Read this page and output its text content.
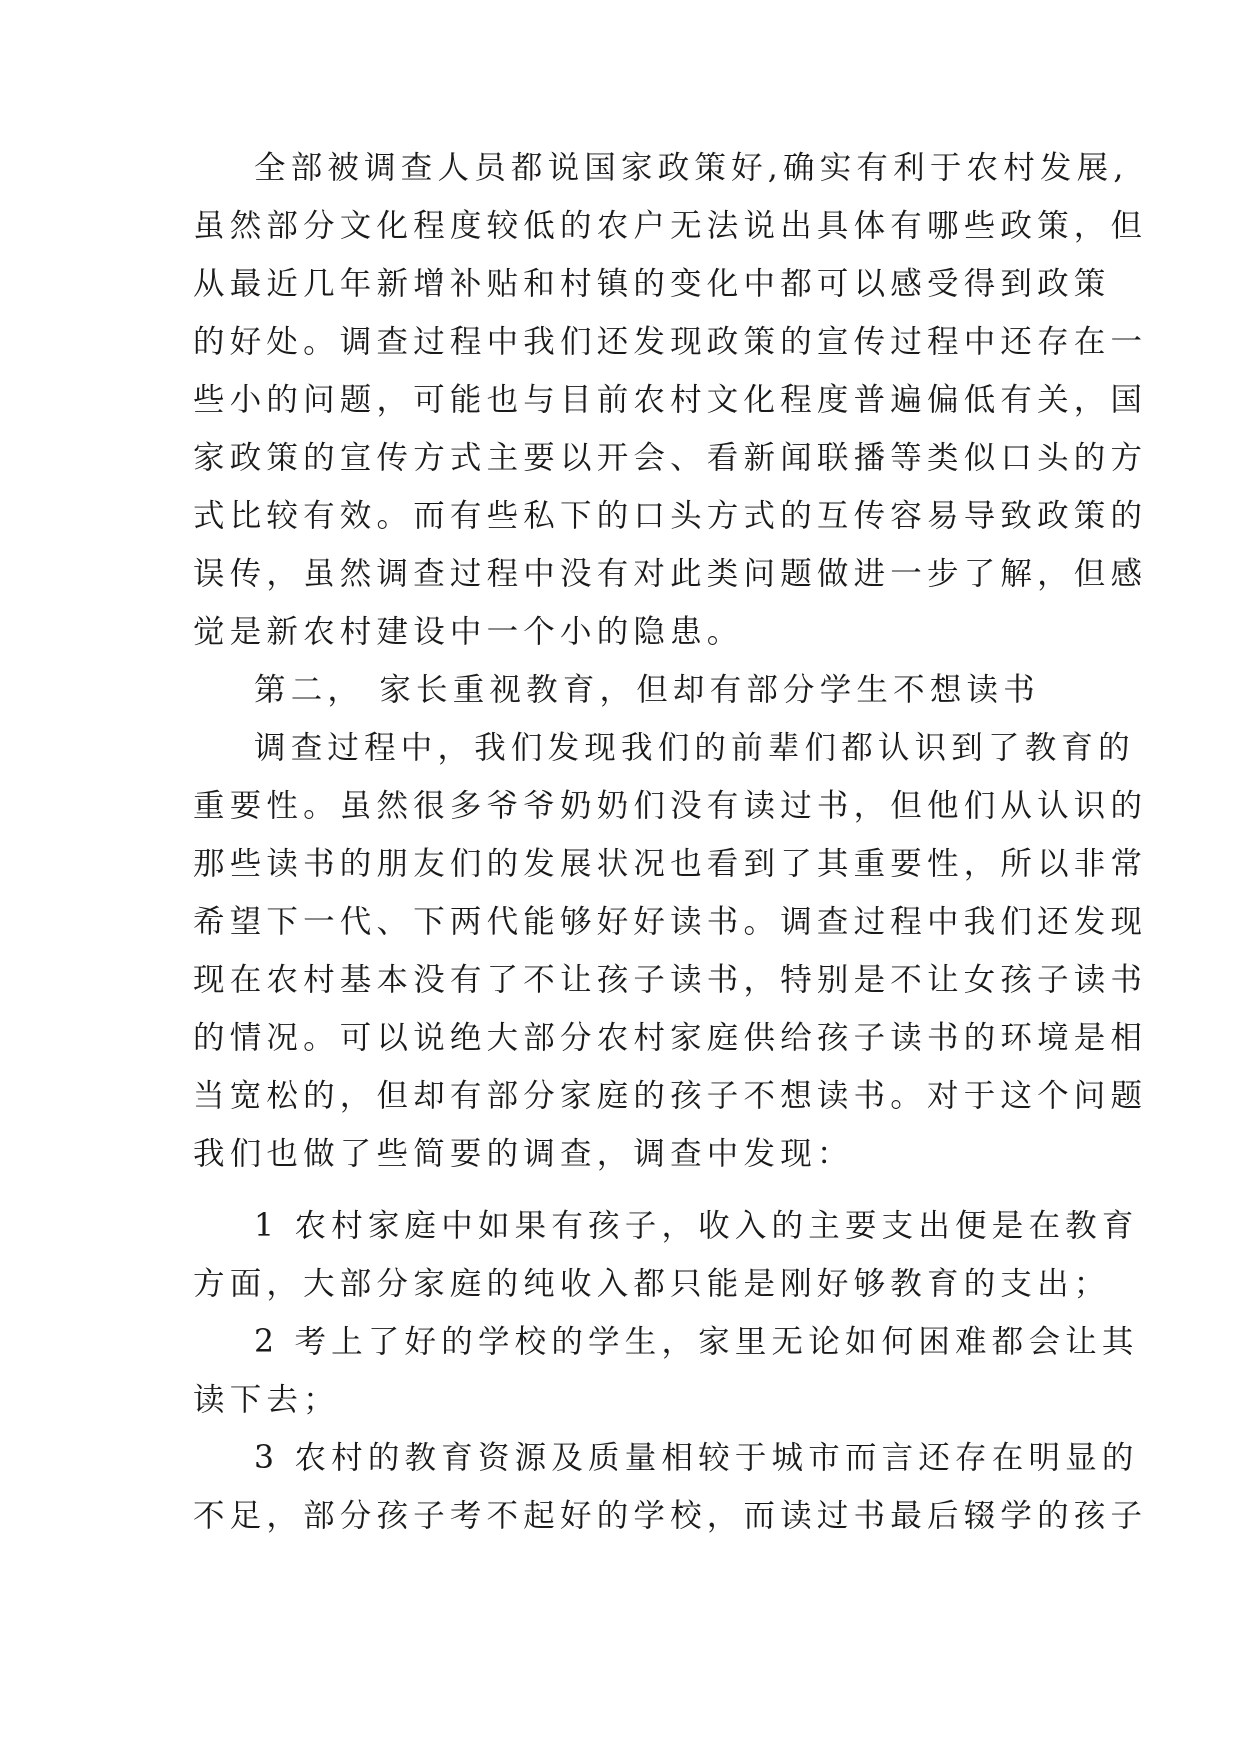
全部被调查人员都说国家政策好,确实有利于农村发展,
虽然部分文化程度较低的农户无法说出具体有哪些政策，但
从最近几年新增补贴和村镇的变化中都可以感受得到政策
的好处。调查过程中我们还发现政策的宣传过程中还存在一
些小的问题，可能也与目前农村文化程度普遍偏低有关，国
家政策的宣传方式主要以开会、看新闻联播等类似口头的方
式比较有效。而有些私下的口头方式的互传容易导致政策的
误传，虽然调查过程中没有对此类问题做进一步了解，但感
觉是新农村建设中一个小的隐患。
第二， 家长重视教育，但却有部分学生不想读书
调查过程中，我们发现我们的前辈们都认识到了教育的
重要性。虽然很多爷爷奶奶们没有读过书，但他们从认识的
那些读书的朋友们的发展状况也看到了其重要性，所以非常
希望下一代、下两代能够好好读书。调查过程中我们还发现
现在农村基本没有了不让孩子读书，特别是不让女孩子读书
的情况。可以说绝大部分农村家庭供给孩子读书的环境是相
当宽松的，但却有部分家庭的孩子不想读书。对于这个问题
我们也做了些简要的调查，调查中发现：
1 农村家庭中如果有孩子，收入的主要支出便是在教育
方面，大部分家庭的纯收入都只能是刚好够教育的支出；
2 考上了好的学校的学生，家里无论如何困难都会让其
读下去；
3 农村的教育资源及质量相较于城市而言还存在明显的
不足，部分孩子考不起好的学校，而读过书最后辍学的孩子
